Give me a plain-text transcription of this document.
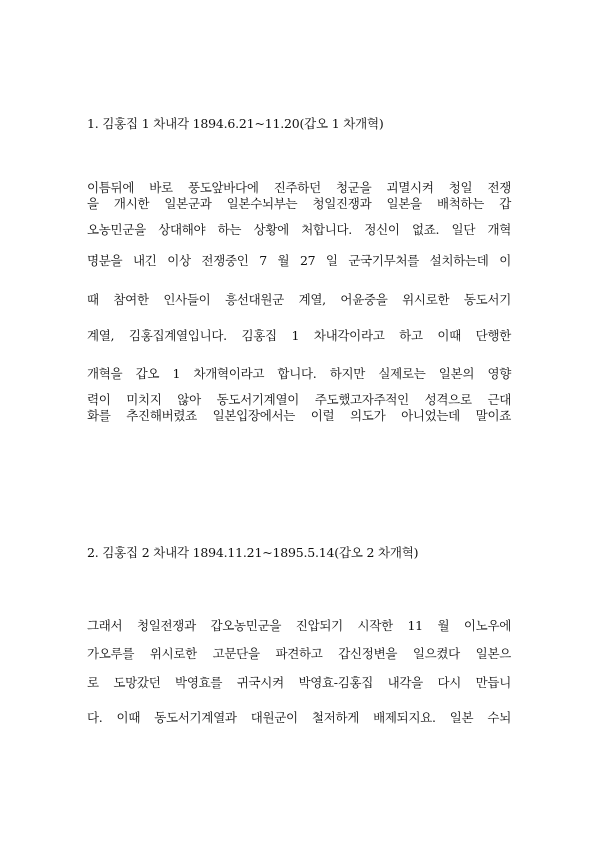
1. 김홍집 1 차내각 1894.6.21~11.20(갑오 1 차개혁)
이틈뒤에 바로 풍도앞바다에 진주하던 청군을 괴멸시켜 청일 전쟁
을 개시한 일본군과 일본수뇌부는 청일진쟁과 일본을 배척하는 갑
오농민군을 상대해야 하는 상황에 처합니다. 정신이 없죠. 일단 개혁
명분을 내긴 이상 전쟁중인 7 월 27 일 군국기무처를 설치하는데 이
때 참여한 인사들이 흥선대원군 계열, 어윤중을 위시로한 동도서기
계열, 김홍집계열입니다. 김홍집 1 차내각이라고 하고 이때 단행한
개혁을 갑오 1 차개혁이라고 합니다. 하지만 실제로는 일본의 영향
력이 미치지 않아 동도서기계열이 주도했고자주적인 성격으로 근대
화를 추진해버렸죠 일본입장에서는 이럴 의도가 아니었는데 말이죠
2. 김홍집 2 차내각 1894.11.21~1895.5.14(갑오 2 차개혁)
그래서 청일전쟁과 갑오농민군을 진압되기 시작한 11 월 이노우에
가오루를 위시로한 고문단을 파견하고 갑신정변을 일으켰다 일본으
로 도망갔던 박영효를 귀국시켜 박영효-김홍집 내각을 다시 만듭니
다. 이때 동도서기계열과 대원군이 철저하게 배제되지요. 일본 수뇌
